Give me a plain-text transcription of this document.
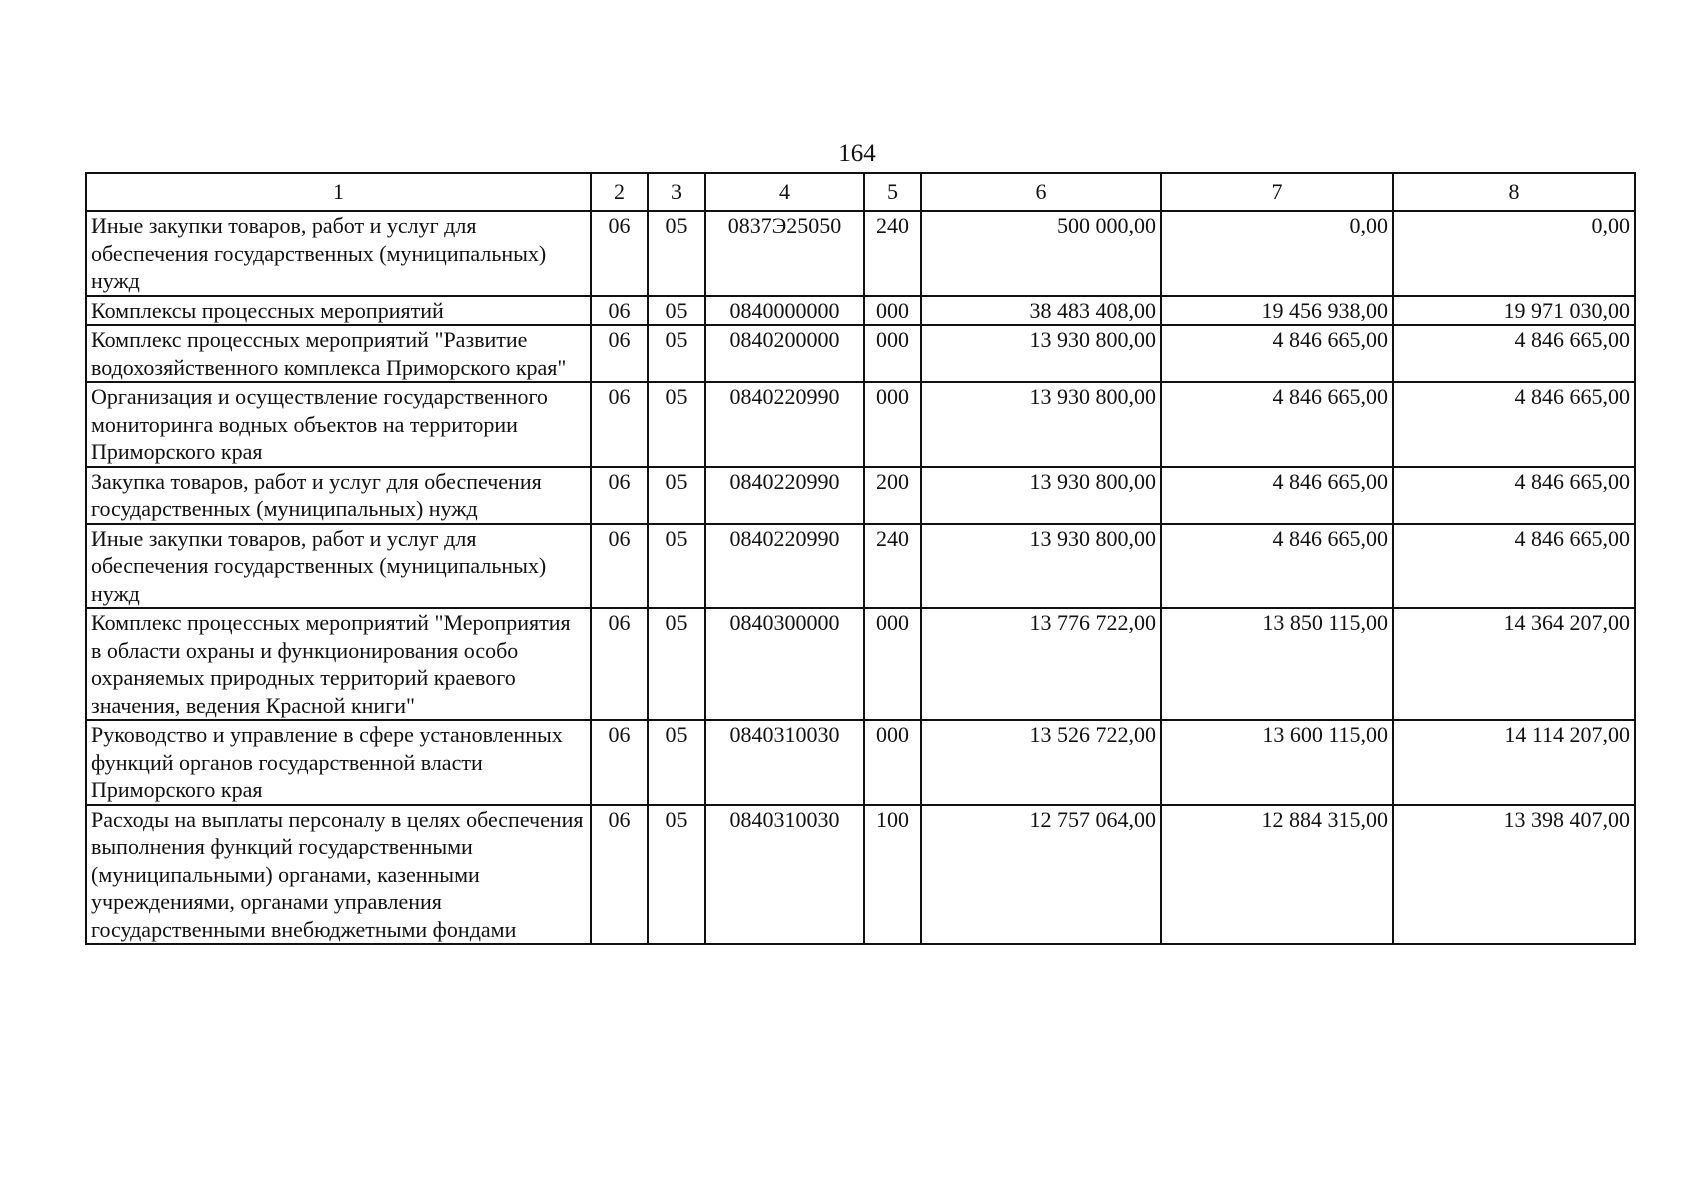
164
1	2	3	4	5	6	7	8
Иные закупки товаров, работ и услуг для обеспечения государственных (муниципальных) нужд	06	05	0837Э25050	240	500 000,00	0,00	0,00
Комплексы процессных мероприятий	06	05	0840000000	000	38 483 408,00	19 456 938,00	19 971 030,00
Комплекс процессных мероприятий "Развитие водохозяйственного комплекса Приморского края"	06	05	0840200000	000	13 930 800,00	4 846 665,00	4 846 665,00
Организация и осуществление государственного мониторинга водных объектов на территории Приморского края	06	05	0840220990	000	13 930 800,00	4 846 665,00	4 846 665,00
Закупка товаров, работ и услуг для обеспечения государственных (муниципальных) нужд	06	05	0840220990	200	13 930 800,00	4 846 665,00	4 846 665,00
Иные закупки товаров, работ и услуг для обеспечения государственных (муниципальных) нужд	06	05	0840220990	240	13 930 800,00	4 846 665,00	4 846 665,00
Комплекс процессных мероприятий "Мероприятия в области охраны и функционирования особо охраняемых природных территорий краевого значения, ведения Красной книги"	06	05	0840300000	000	13 776 722,00	13 850 115,00	14 364 207,00
Руководство и управление в сфере установленных функций органов государственной власти Приморского края	06	05	0840310030	000	13 526 722,00	13 600 115,00	14 114 207,00
Расходы на выплаты персоналу в целях обеспечения выполнения функций государственными (муниципальными) органами, казенными учреждениями, органами управления государственными внебюджетными фондами	06	05	0840310030	100	12 757 064,00	12 884 315,00	13 398 407,00
